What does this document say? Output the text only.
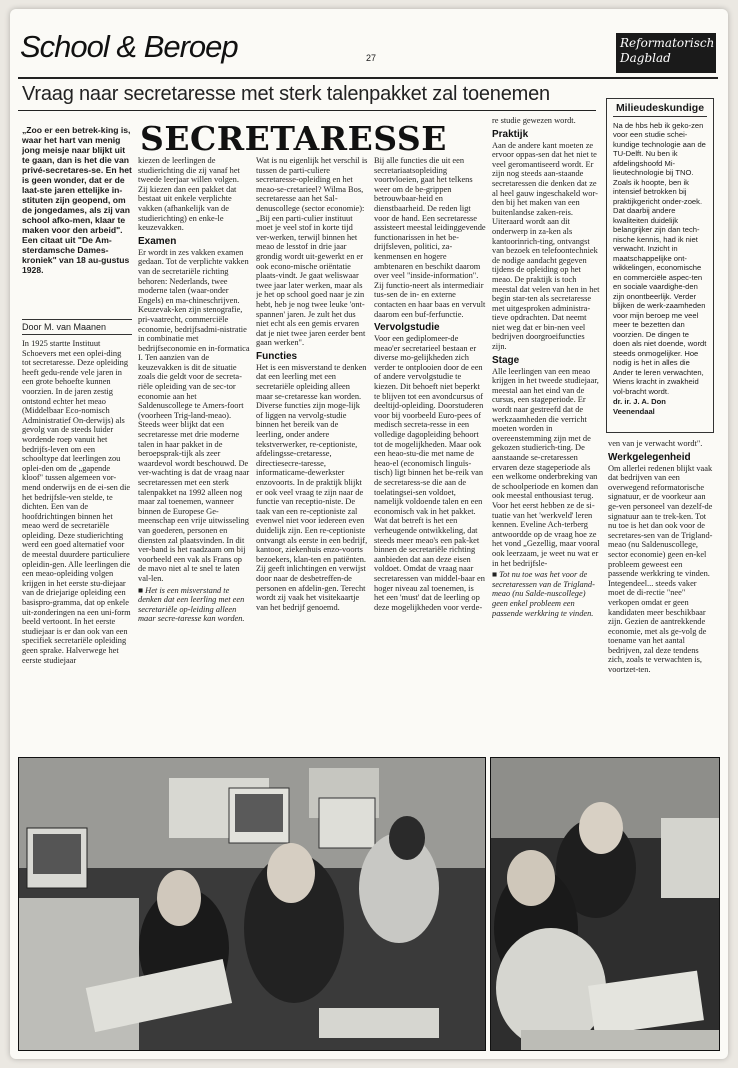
School & Beroep	27
Reformatorisch Dagblad
Vraag naar secretaresse met sterk talenpakket zal toenemen
SECRETARESSE
„Zoo er een betrek-king is, waar het hart van menig jong meisje naar blijkt uit te gaan, dan is het die van privé-secretares-se. En het is geen wonder, dat er de laat-ste jaren ettelijke in-stituten zijn geopend, om de jongedames, als zij van school afko-men, klaar te maken voor den arbeid". Een citaat uit "De Am-sterdamsche Dames-kroniek" van 18 au-gustus 1928.
Door M. van Maanen

In 1925 startte Instituut Schoevers met een oplei-ding tot secretaresse. Deze opleiding heeft gedu-rende vele jaren in een grote behoefte kunnen voorzien. In de jaren zestig ontstond echter het meao (Middelbaar Eco-nomisch Administratief On-derwijs) als gevolg van de steeds luider wordende roep vanuit het bedrijfs-leven om een schooltype dat leerlingen zou oplei-den om de „gapende kloof" tussen algemeen vor-mend onderwijs en de ei-sen die het bedrijfsle-ven stelde, te dichten. Een van de hoofdrichtingen binnen het meao werd de secretariële opleiding. Deze studierichting werd een goed alternatief voor de meestal duurdere particuliere opleidin-gen. Alle leerlingen die een meao-opleiding volgen krijgen in het eerste stu-diejaar van de driejarige opleiding een basispro-gramma, dat op enkele uit-zonderingen na een uni-form beeld vertoont. In het eerste studiejaar is er dan ook van een specifiek secretariële opleiding geen sprake. Halverwege het eerste studiejaar

kiezen de leerlingen de studierichting die zij vanaf het tweede leerjaar willen volgen. Zij kiezen dan een pakket dat bestaat uit enkele verplichte vakken (afhankelijk van de studierichting) en enke-le keuzevakken.

Examen

Er wordt in zes vakken examen gedaan. Tot de verplichte vakken van de secretariële richting behoren: Nederlands, twee moderne talen (waar-onder Engels) en ma-chineschrijven. Keuzevak-ken zijn stenografie, pri-vaatrecht, commerciële economie, bedrijfsadmi-nistratie in combinatie met bedrijfseconomie en in-formatica I. Ten aanzien van de keuzevakken is dit de situatie zoals die geldt voor de secreta-riële opleiding van de sec-tor economie aan het Saldenuscollege te Amers-foort (voorheen Trig-land-meao). Steeds weer blijkt dat een secretaresse met drie moderne talen in haar pakket in de beroepsprak-tijk als zeer waardevol wordt beschouwd. De ver-wachting is dat de vraag naar secretaressen met een sterk talenpakket na 1992 alleen nog maar zal toenemen, wanneer binnen de Europese Ge-meenschap een vrije uitwisseling van goederen, personen en diensten zal plaatsvinden. In dit ver-band is het raadzaam om bij voorbeeld een vak als Frans op de mavo niet al te snel te laten val-len.

■ Het is een misverstand te denken dat een leerling met een secretariële op-leiding alleen maar secre-taresse kan worden.

Wat is nu eigenlijk het verschil is tussen de parti-culiere secretaresse-opleiding en het meao-se-cretarieel? Wilma Bos, secretaresse aan het Sal-denuscollege (sector economie): „Bij een parti-culier instituut moet je veel stof in korte tijd ver-werken, terwijl binnen het meao de lesstof in drie jaar grondig wordt uit-gewerkt en er ook econo-mische oriëntatie plaats-vindt. Je gaat weliswaar twee jaar later werken, maar als je het op school goed naar je zin hebt, heb je nog twee leuke 'ont-spannen' jaren. Je zult het dus niet echt als een gemis ervaren dat je niet twee jaren eerder bent gaan werken".

Functies

Het is een misverstand te denken dat een leerling met een secretariële opleiding alleen maar se-cretaresse kan worden. Diverse functies zijn moge-lijk of liggen na vervolg-studie binnen het bereik van de leerling, onder andere tekstverwerker, re-ceptioniste, afdelingsse-cretaresse, directiesecre-taresse, informaticame-dewerkster enzovoorts. In de praktijk blijkt er ook veel vraag te zijn naar de functie van receptio-niste. De taak van een re-ceptioniste zal evenwel niet voor iedereen even duidelijk zijn. Een re-ceptioniste ontvangt als eerste in een bedrijf, kantoor, ziekenhuis enzo-voorts bezoekers, klan-ten en patiënten. Zij geeft inlichtingen en verwijst door naar de desbetreffen-de personen en afdelin-gen. Terecht wordt zij vaak het visitekaartje van het bedrijf genoemd.

Bij alle functies die uit een secretariaatsopleiding voortvloeien, gaat het telkens weer om de be-grippen betrouwbaar-heid en dienstbaarheid. De reden ligt voor de hand. Een secretaresse assisteert meestal leidinggevende functionarissen in het be-drijfsleven, politici, za-kenmensen en hogere ambtenaren en beschikt daarom over veel "inside-information". Zij functio-neert als intermediair tus-sen de in- en externe contacten en haar baas en vervult daarom een buf-ferfunctie.

Vervolgstudie

Voor een gediplomeer-de meao'er secretarieel bestaan er diverse mo-gelijkheden zich verder te ontplooien door de een of andere vervolgstudie te kiezen. Dit behoeft niet beperkt te blijven tot een avondcursus of deeltijd-opleiding. Doorstuderen voor bij voorbeeld Euro-pees of medisch secreta-resse in een volledige dagopleiding behoort tot de mogelijkheden. Maar ook een heao-stu-die met name de heao-el (economisch linguïs-tisch) ligt binnen het be-reik van de secretaress-se die aan de toelatingsei-sen voldoet, namelijk voldoende talen en een economisch vak in het pakket. Wat dat betreft is het een verheugende ontwikkeling, dat steeds meer meao's een pak-ket binnen de secretariële richting aanbieden dat aan deze eisen voldoet. Omdat de vraag naar secretaressen van middel-baar en hoger niveau zal toenemen, is het een 'must' dat de leerling op deze mogelijkheden voor verde-

re studie gewezen wordt.

Praktijk

Aan de andere kant moeten ze ervoor oppas-sen dat het niet te veel geromantiseerd wordt. Er zijn nog steeds aan-staande secretaressen die denken dat ze al heel gauw ingeschakeld wor-den bij het maken van een buitenlandse zaken-reis. Uiteraard wordt aan dit onderwerp in za-ken als kantoorinrich-ting, ontvangst van bezoek en telefoontechniek de nodige aandacht gegeven tijdens de opleiding op het meao. De praktijk is toch meestal dat velen van hen in het begin star-ten als secretaresse met uitgesproken administra-tieve opdrachten. Dat neemt niet weg dat er bin-nen veel bedrijven doorgroeifuncties zijn.

Stage

Alle leerlingen van een meao krijgen in het tweede studiejaar, meestal aan het eind van de cursus, een stageperiode. Er wordt naar gestreefd dat de werkzaamheden die verricht moeten worden in overeenstemming zijn met de gekozen studierich-ting. De aanstaande se-cretaressen ervaren deze stageperiode als een welkome onderbreking van de schoolperiode en komen dan ook meestal enthousiast terug. Voor het eerst hebben ze de si-tuatie van het 'werkveld' leren kennen. Eveline Ach-terberg antwoordde op de vraag hoe ze het vond „Gezellig, maar vooral ook leerzaam, je weet nu wat er in het bedrijfsle-

■ Tot nu toe was het voor de secretaressen van de Trigland-meao (nu Salde-nuscollege) geen enkel probleem een passende werkkring te vinden.

Milieudeskundige
Na de hbs heb ik geko-zen voor een studie schei-kundige technologie aan de TU-Delft. Nu ben ik afdelingshoofd Mi-lieutechnologie bij TNO. Zoals ik hoopte, ben ik intensief betrokken bij praktijkgericht onder-zoek. Dat daarbij andere kwaliteiten duidelijk belangrijker zijn dan tech-nische kennis, had ik niet verwacht. Inzicht in maatschappelijke ont-wikkelingen, economische en commerciële aspec-ten en sociale vaardighe-den zijn onontbeerlijk. Verder blijken de werk-zaamheden voor mijn beroep me veel meer te bezetten dan voorzien. De dingen te doen als niet doende, wordt steeds onmogelijker. Hoe nodig is het in alles die Ander te leren verwachten, Wiens kracht in zwakheid vol-bracht wordt.
dr. ir. J. A. Don Veenendaal

ven van je verwacht wordt".

Werkgelegenheid

Om allerlei redenen blijkt vaak dat bedrijven van een overwegend reformatorische signatuur, er de voorkeur aan ge-ven personeel van dezelf-de signatuur aan te trek-ken. Tot nu toe is het dan ook voor de secretares-sen van de Trigland-meao (nu Saldenuscollege, sector economie) geen en-kel probleem geweest een passende werkkring te vinden. Integendeel... steeds vaker moet de di-rectie "nee" verkopen omdat er geen kandidaten meer beschikbaar zijn. Gezien de aantrekkende economie, met als ge-volg de toename van het aantal bedrijven, zal deze tendens zich, zoals te verwachten is, voortzet-ten.
